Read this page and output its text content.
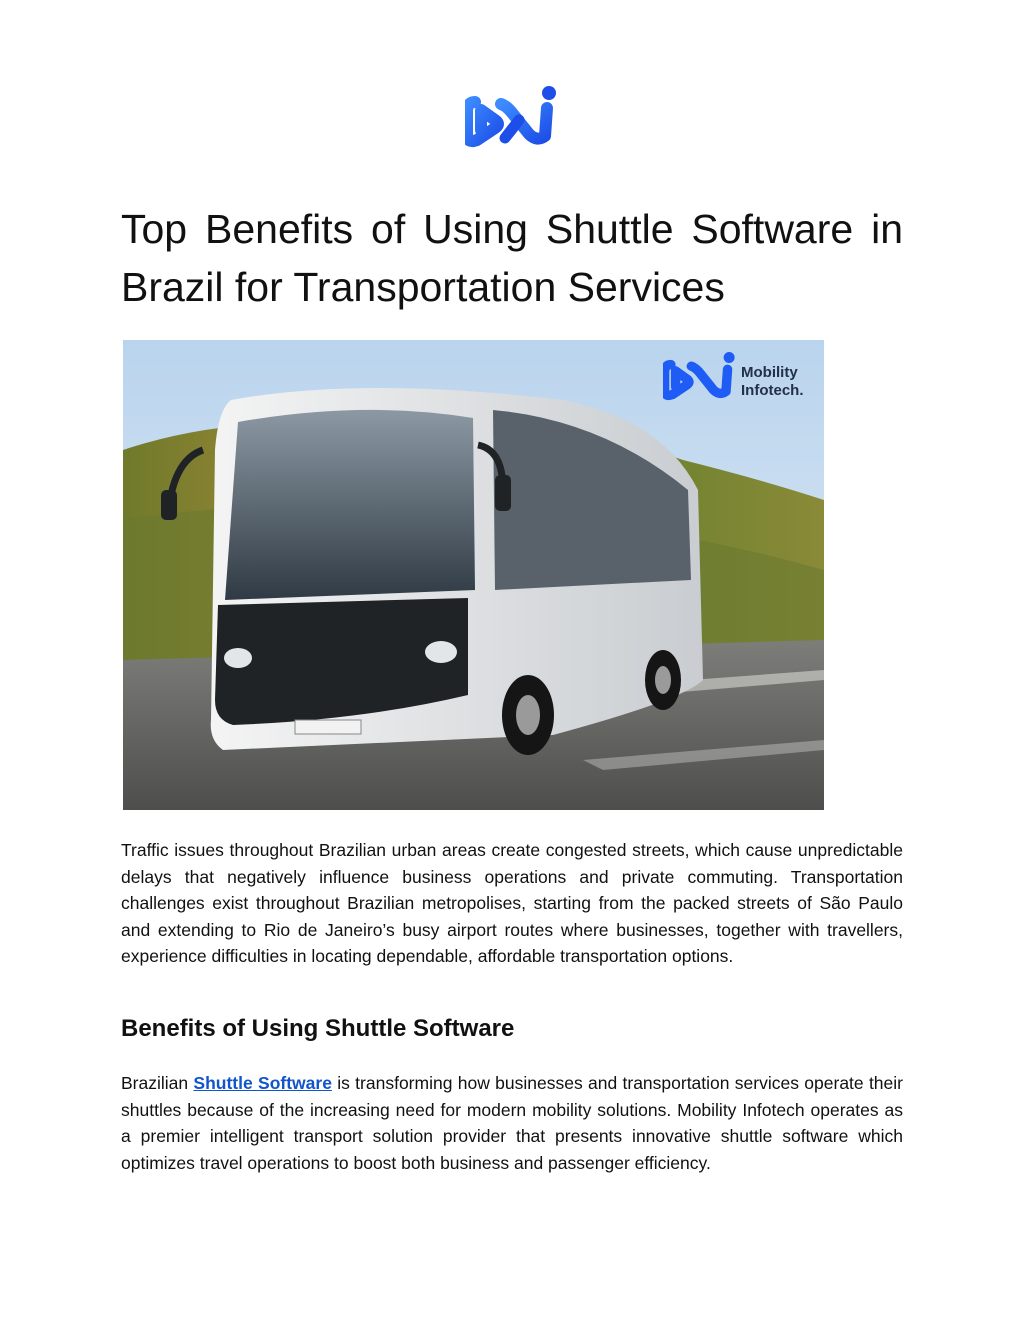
Top Benefits of Using Shuttle Software in Brazil for Transportation Services
Mobility
Infotech.

Traffic issues throughout Brazilian urban areas create congested streets, which cause unpredictable delays that negatively influence business operations and private commuting. Transportation challenges exist throughout Brazilian metropolises, starting from the packed streets of São Paulo and extending to Rio de Janeiro’s busy airport routes where businesses, together with travellers, experience difficulties in locating dependable, affordable transportation options.

Benefits of Using Shuttle Software

Brazilian Shuttle Software is transforming how businesses and transportation services operate their shuttles because of the increasing need for modern mobility solutions. Mobility Infotech operates as a premier intelligent transport solution provider that presents innovative shuttle software which optimizes travel operations to boost both business and passenger efficiency.
